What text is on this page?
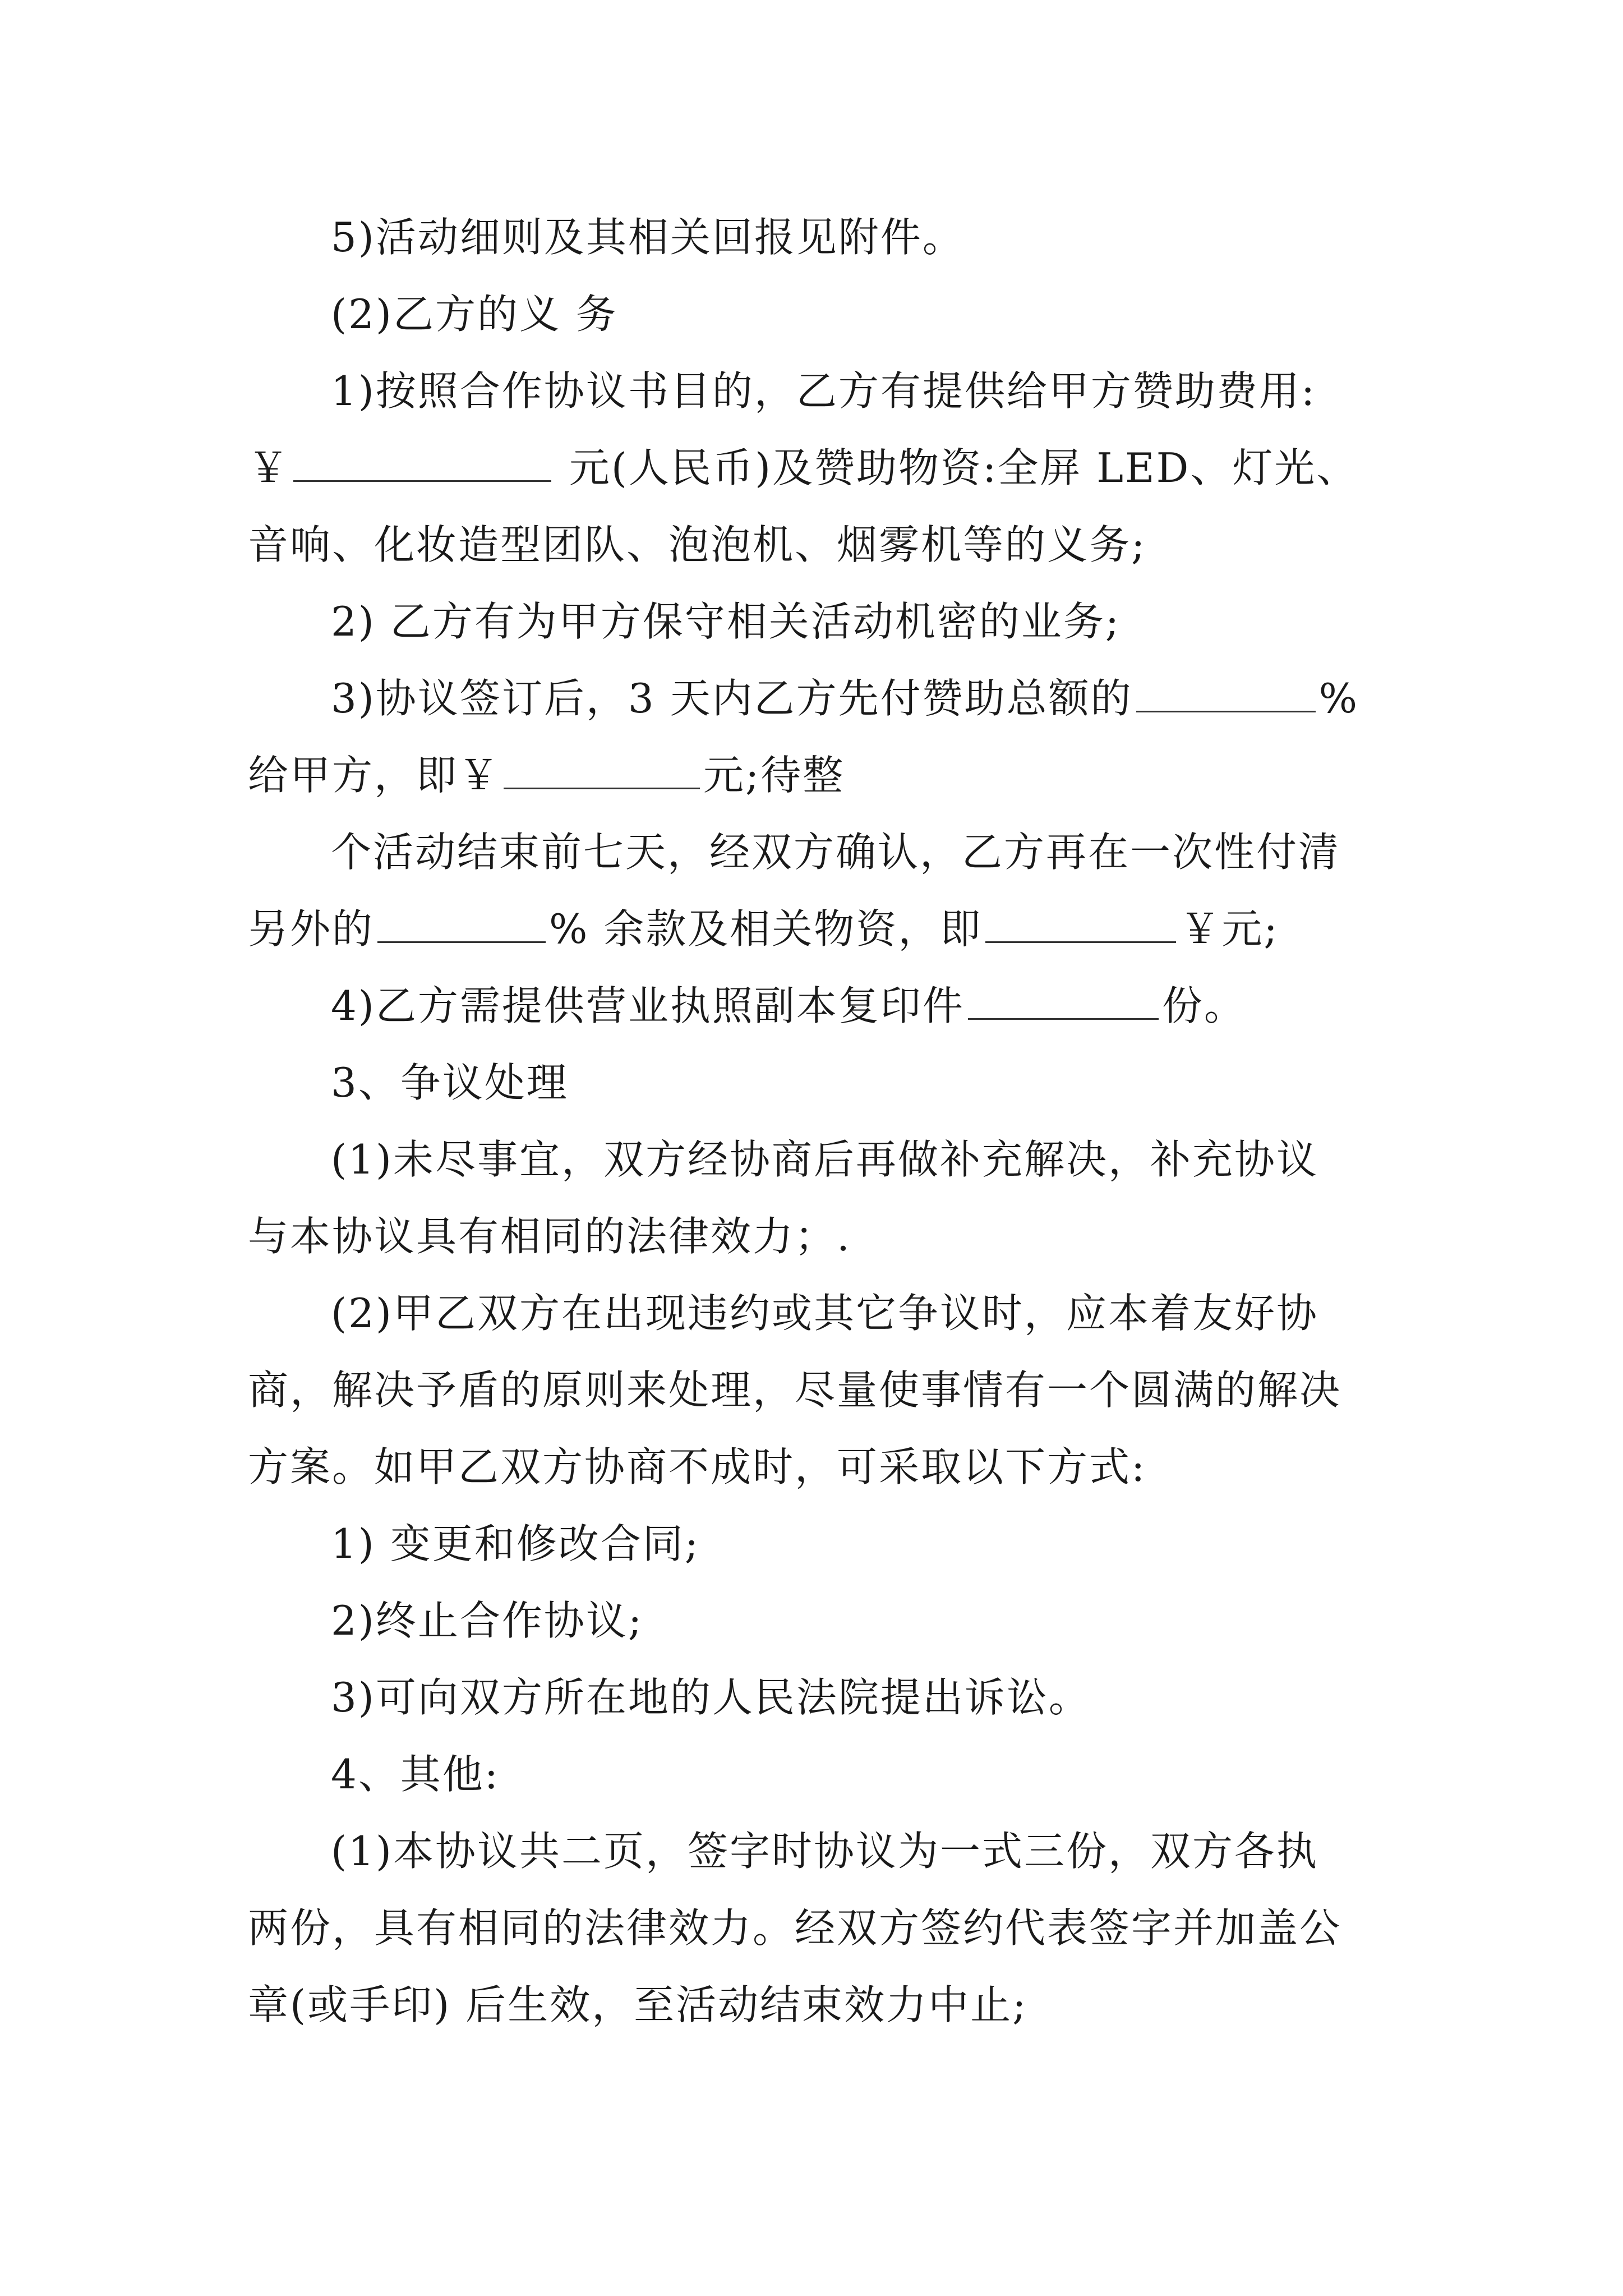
5)活动细则及其相关回报见附件。
(2)乙方的义 务
1)按照合作协议书目的，乙方有提供给甲方赞助费用:
￥	元(人民币)及赞助物资:全屏 LED、灯光、
音响、化妆造型团队、泡泡机、烟雾机等的义务;
2) 乙方有为甲方保守相关活动机密的业务;
3)协议签订后，3 天内乙方先付赞助总额的	%
给甲方，即￥	元;待整
个活动结束前七天，经双方确认，乙方再在一次性付清
另外的	% 余款及相关物资，即	￥元;
4)乙方需提供营业执照副本复印件	份。
3、争议处理
(1)未尽事宜，双方经协商后再做补充解决，补充协议
与本协议具有相同的法律效力；.
(2)甲乙双方在出现违约或其它争议时，应本着友好协
商，解决予盾的原则来处理，尽量使事情有一个圆满的解决
方案。如甲乙双方协商不成时，可采取以下方式:
1) 变更和修改合同;
2)终止合作协议;
3)可向双方所在地的人民法院提出诉讼。
4、其他:
(1)本协议共二页，签字时协议为一式三份，双方各执
两份，具有相同的法律效力。经双方签约代表签字并加盖公
章(或手印) 后生效，至活动结束效力中止;
